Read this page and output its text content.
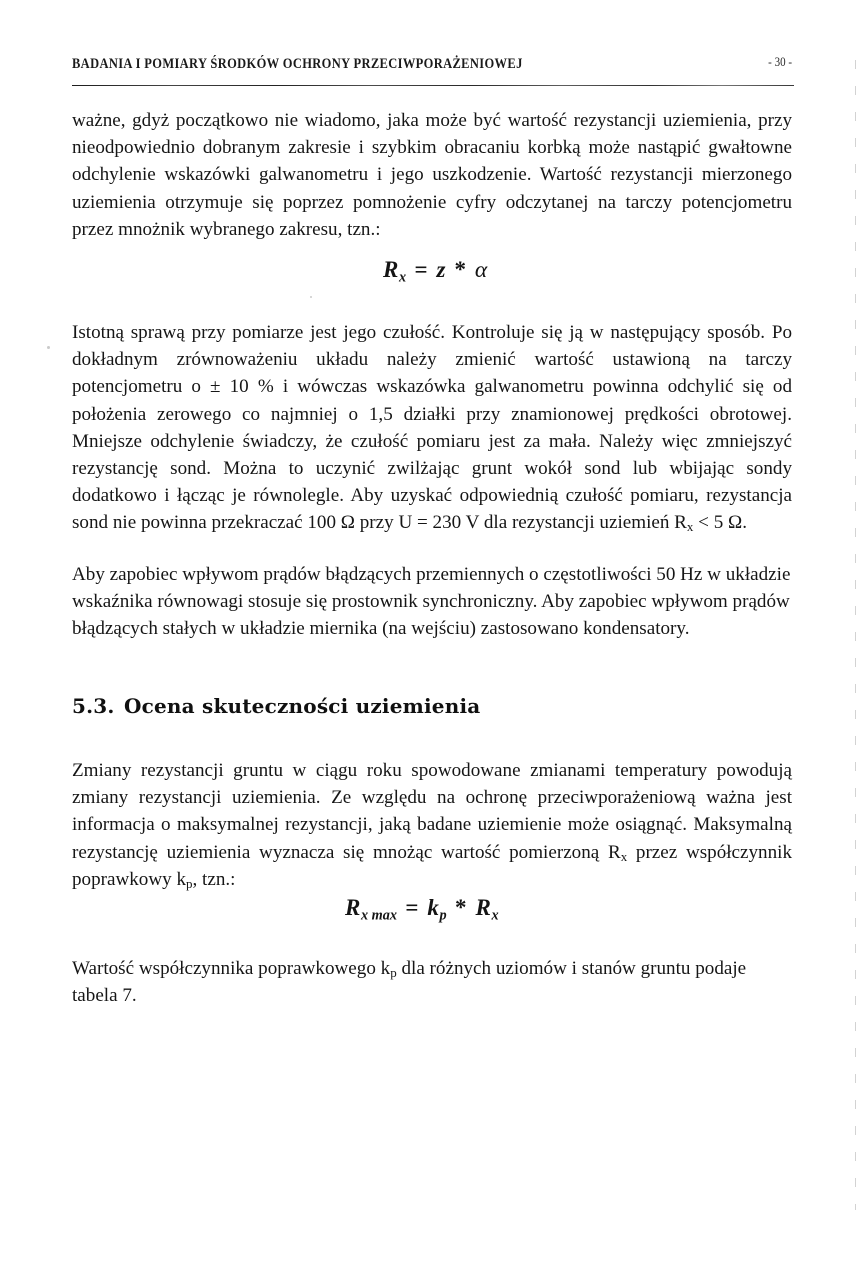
BADANIA I POMIARY ŚRODKÓW OCHRONY PRZECIWPORAŻENIOWEJ	- 30 -

ważne, gdyż początkowo nie wiadomo, jaka może być wartość rezystancji uziemienia, przy nieodpowiednio dobranym zakresie i szybkim obracaniu korbką może nastąpić gwałtowne odchylenie wskazówki galwanometru i jego uszkodzenie. Wartość rezystancji mierzonego uziemienia otrzymuje się poprzez pomnożenie cyfry odczytanej na tarczy potencjometru przez mnożnik wybranego zakresu, tzn.:

$R_x = z * \alpha$

Istotną sprawą przy pomiarze jest jego czułość. Kontroluje się ją w następujący sposób. Po dokładnym zrównoważeniu układu należy zmienić wartość ustawioną na tarczy potencjometru o ± 10 % i wówczas wskazówka galwanometru powinna odchylić się od położenia zerowego co najmniej o 1,5 działki przy znamionowej prędkości obrotowej. Mniejsze odchylenie świadczy, że czułość pomiaru jest za mała. Należy więc zmniejszyć rezystancję sond. Można to uczynić zwilżając grunt wokół sond lub wbijając sondy dodatkowo i łącząc je równolegle. Aby uzyskać odpowiednią czułość pomiaru, rezystancja sond nie powinna przekraczać 100 Ω przy U = 230 V dla rezystancji uziemień $R_x < 5$ Ω.

Aby zapobiec wpływom prądów błądzących przemiennych o częstotliwości 50 Hz w układzie wskaźnika równowagi stosuje się prostownik synchroniczny. Aby zapobiec wpływom prądów błądzących stałych w układzie miernika (na wejściu) zastosowano kondensatory.

5.3. Ocena skuteczności uziemienia

Zmiany rezystancji gruntu w ciągu roku spowodowane zmianami temperatury powodują zmiany rezystancji uziemienia. Ze względu na ochronę przeciwporażeniową ważna jest informacja o maksymalnej rezystancji, jaką badane uziemienie może osiągnąć. Maksymalną rezystancję uziemienia wyznacza się mnożąc wartość pomierzoną $R_x$ przez współczynnik poprawkowy $k_p$, tzn.:

$R_{x max} = k_p * R_x$

Wartość współczynnika poprawkowego $k_p$ dla różnych uziomów i stanów gruntu podaje tabela 7.
